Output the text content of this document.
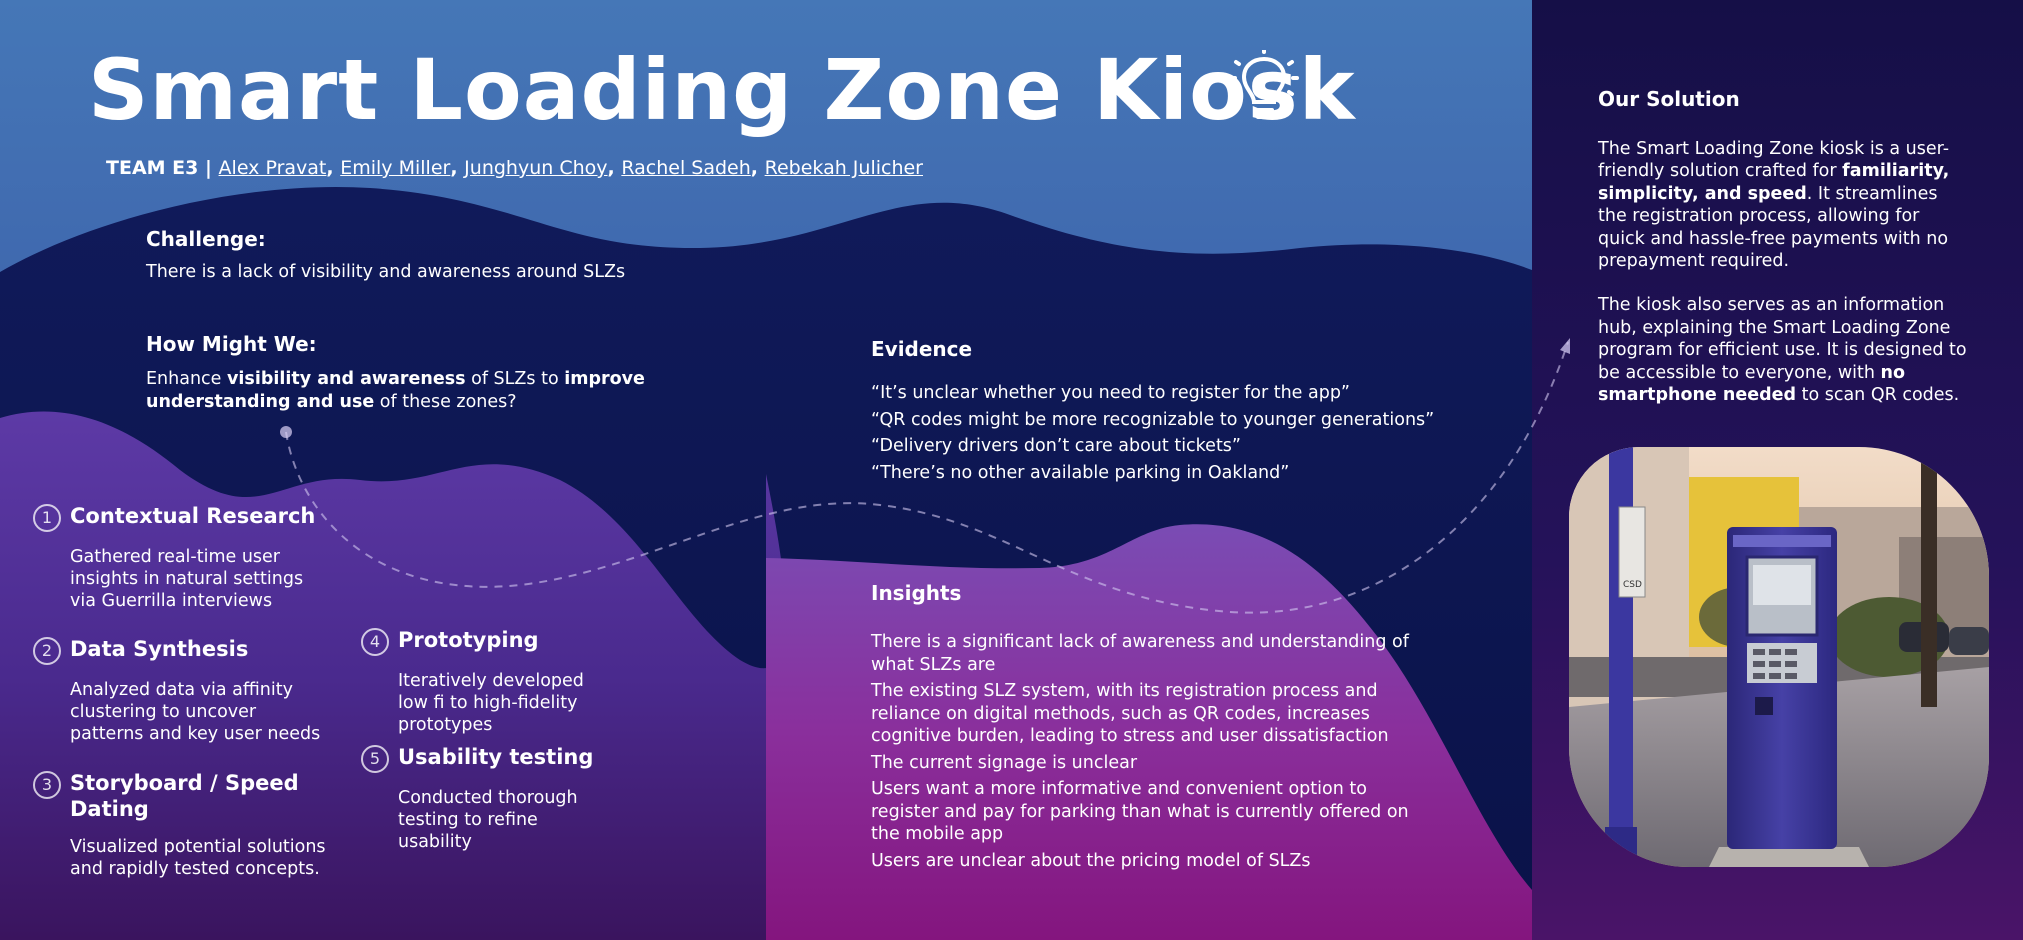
Smart Loading Zone Kiosk
TEAM E3 | Alex Pravat, Emily Miller, Junghyun Choy, Rachel Sadeh, Rebekah Julicher
Challenge:

There is a lack of visibility and awareness around SLZs

How Might We:

Enhance visibility and awareness of SLZs to improve understanding and use of these zones?

1 Contextual Research
Gathered real-time user insights in natural settings via Guerrilla interviews
2 Data Synthesis
Analyzed data via affinity clustering to uncover patterns and key user needs
3 Storyboard / Speed Dating
Visualized potential solutions and rapidly tested concepts.
4 Prototyping
Iteratively developed low fi to high-fidelity prototypes
5 Usability testing
Conducted thorough testing to refine usability
Evidence
“It’s unclear whether you need to register for the app”
“QR codes might be more recognizable to younger generations”
“Delivery drivers don’t care about tickets”
“There’s no other available parking in Oakland”
Insights
There is a significant lack of awareness and understanding of what SLZs are
The existing SLZ system, with its registration process and reliance on digital methods, such as QR codes, increases cognitive burden, leading to stress and user dissatisfaction
The current signage is unclear
Users want a more informative and convenient option to register and pay for parking than what is currently offered on the mobile app
Users are unclear about the pricing model of SLZs
Our Solution

The Smart Loading Zone kiosk is a user-friendly solution crafted for familiarity, simplicity, and speed. It streamlines the registration process, allowing for quick and hassle-free payments with no prepayment required.

The kiosk also serves as an information hub, explaining the Smart Loading Zone program for efficient use. It is designed to be accessible to everyone, with no smartphone needed to scan QR codes.

CSD
